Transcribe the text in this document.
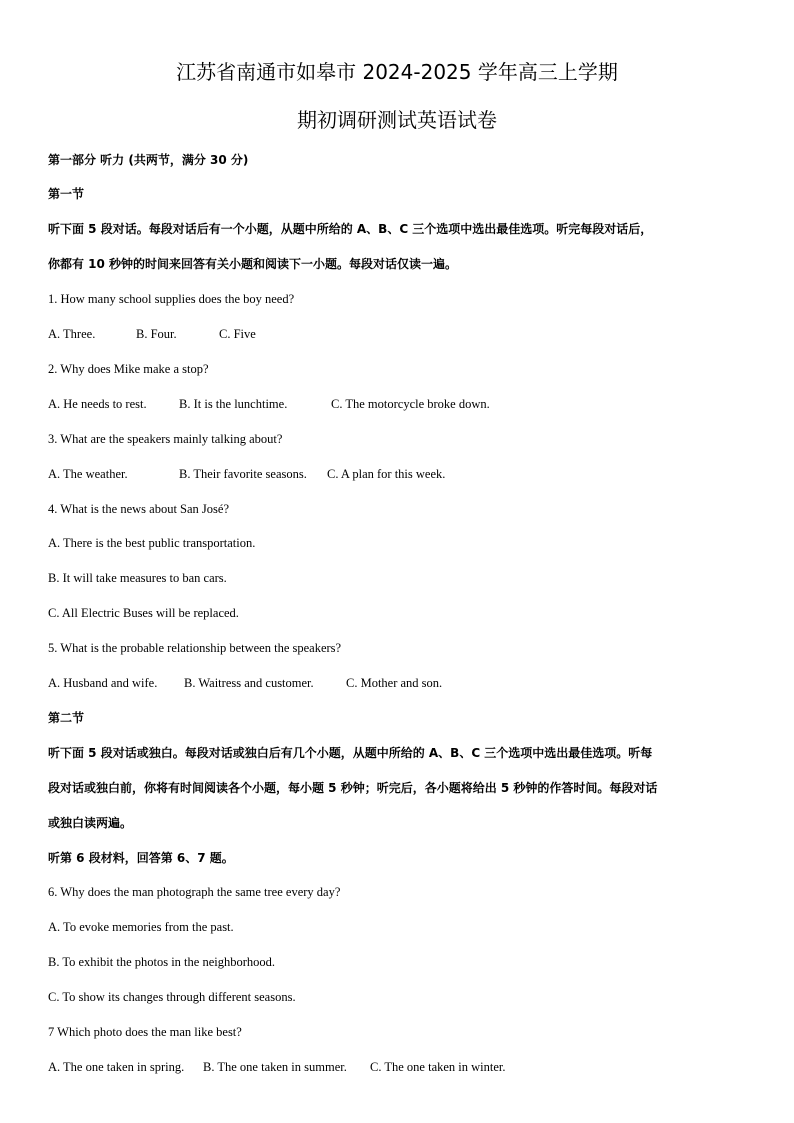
江苏省南通市如皋市 2024-2025 学年高三上学期
期初调研测试英语试卷
第一部分 听力 (共两节，满分 30 分)
第一节
听下面 5 段对话。每段对话后有一个小题，从题中所给的 A、B、C 三个选项中选出最佳选项。听完每段对话后，
你都有 10 秒钟的时间来回答有关小题和阅读下一小题。每段对话仅读一遍。
1. How many school supplies does the boy need?
A. Three.	B. Four.	C. Five
2. Why does Mike make a stop?
A. He needs to rest.	B. It is the lunchtime.	C. The motorcycle broke down.
3. What are the speakers mainly talking about?
A. The weather.	B. Their favorite seasons. C. A plan for this week.
4. What is the news about San José?
A. There is the best public transportation.
B. It will take measures to ban cars.
C. All Electric Buses will be replaced.
5. What is the probable relationship between the speakers?
A. Husband and wife. B. Waitress and customer.	C. Mother and son.
第二节
听下面 5 段对话或独白。每段对话或独白后有几个小题，从题中所给的 A、B、C 三个选项中选出最佳选项。听每
段对话或独白前，你将有时间阅读各个小题，每小题 5 秒钟；听完后，各小题将给出 5 秒钟的作答时间。每段对话
或独白读两遍。
听第 6 段材料，回答第 6、7 题。
6. Why does the man photograph the same tree every day?
A. To evoke memories from the past.
B. To exhibit the photos in the neighborhood.
C. To show its changes through different seasons.
7 Which photo does the man like best?
A. The one taken in spring. B. The one taken in summer. C. The one taken in winter.
